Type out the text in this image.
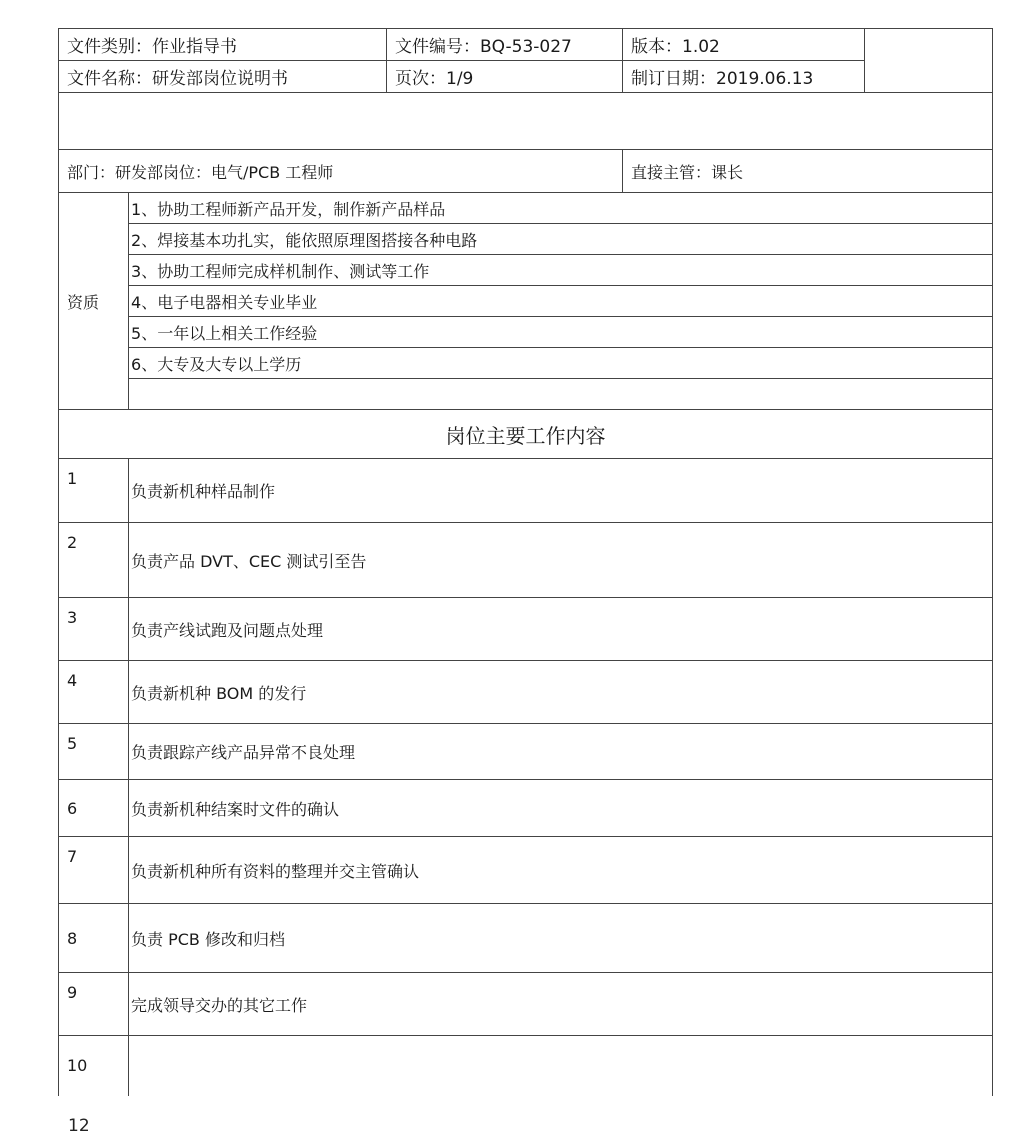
文件类别：作业指导书		文件编号：BQ-53-027	版本：1.02	
文件名称：研发部岗位说明书		页次：1/9	制订日期：2019.06.13	

部门：研发部岗位：电气/PCB 工程师			直接主管：课长	
资质	1、协助工程师新产品开发，制作新产品样品			
	2、焊接基本功扎实，能依照原理图搭接各种电路			
	3、协助工程师完成样机制作、测试等工作			
	4、电子电器相关专业毕业			
	5、一年以上相关工作经验			
	6、大专及大专以上学历			

岗位主要工作内容				
1	负责新机种样品制作			
2	负责产品 DVT、CEC 测试引至告			
3	负责产线试跑及问题点处理			
4	负责新机种 BOM 的发行			
5	负责跟踪产线产品异常不良处理			
6	负责新机种结案时文件的确认			
7	负责新机种所有资料的整理并交主管确认			
8	负责 PCB 修改和归档			
9	完成领导交办的其它工作			
10				
12
